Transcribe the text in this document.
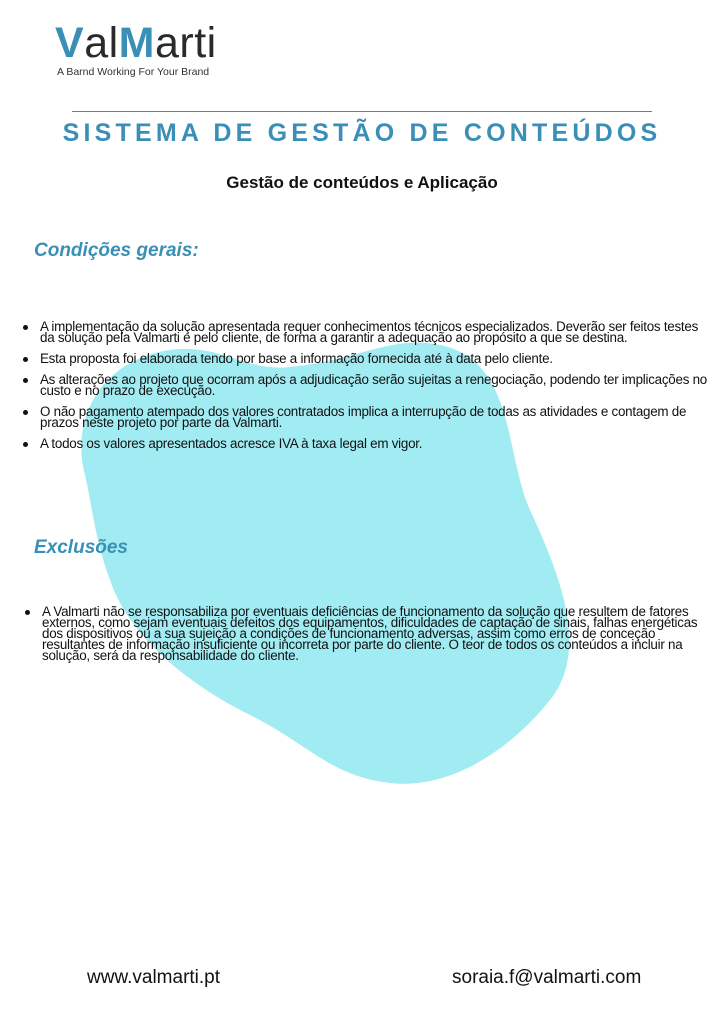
ValMarti
A Barnd Working For Your Brand
SISTEMA DE GESTÃO DE CONTEÚDOS
Gestão de conteúdos e Aplicação
Condições gerais:
A implementação da solução apresentada requer conhecimentos técnicos especializados. Deverão ser feitos testes da solução pela Valmarti e pelo cliente, de forma a garantir a adequação ao propósito a que se destina.
Esta proposta foi elaborada tendo por base a informação fornecida até à data pelo cliente.
As alterações ao projeto que ocorram após a adjudicação serão sujeitas a renegociação, podendo ter implicações no custo e no prazo de execução.
O não pagamento atempado dos valores contratados implica a interrupção de todas as atividades e contagem de prazos neste projeto por parte da Valmarti.
A todos os valores apresentados acresce IVA à taxa legal em vigor.
Exclusões
A Valmarti não se responsabiliza por eventuais deficiências de funcionamento da solução que resultem de fatores externos, como sejam eventuais defeitos dos equipamentos, dificuldades de captação de sinais, falhas energéticas dos dispositivos ou a sua sujeição a condições de funcionamento adversas, assim como erros de conceção resultantes de informação insuficiente ou incorreta por parte do cliente. O teor de todos os conteúdos a incluir na solução, será da responsabilidade do cliente.
www.valmarti.pt	soraia.f@valmarti.com
